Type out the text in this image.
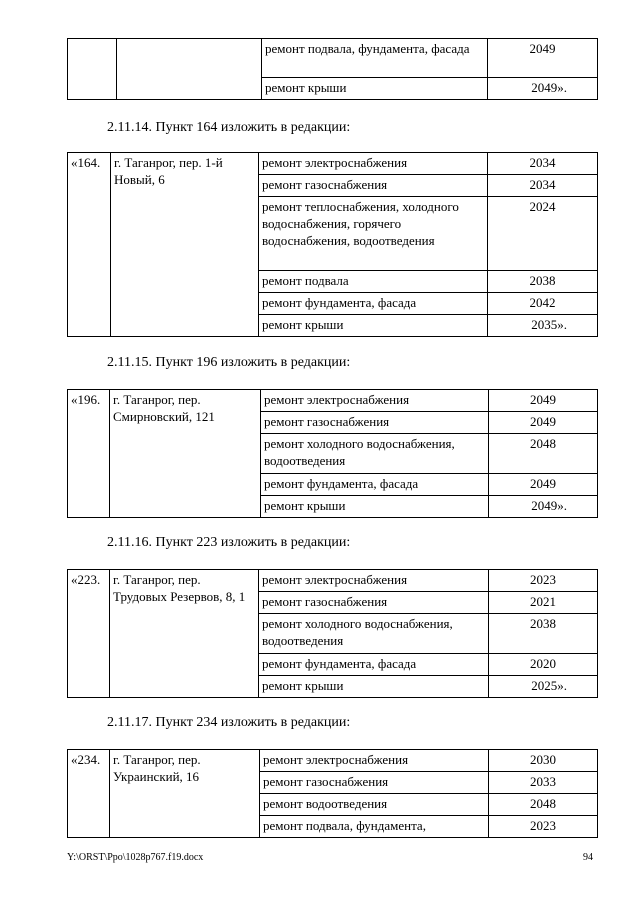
		ремонт подвала, фундамента, фасада	2049
		ремонт крыши	2049».
2.11.14. Пункт 164 изложить в редакции:
«164.	г. Таганрог, пер. 1-й Новый, 6	ремонт электроснабжения	2034
		ремонт газоснабжения	2034
		ремонт теплоснабжения, холодного водоснабжения, горячего водоснабжения, водоотведения	2024
		ремонт подвала	2038
		ремонт фундамента, фасада	2042
		ремонт крыши	2035».
2.11.15. Пункт 196 изложить в редакции:
«196.	г. Таганрог, пер. Смирновский, 121	ремонт электроснабжения	2049
		ремонт газоснабжения	2049
		ремонт холодного водоснабжения, водоотведения	2048
		ремонт фундамента, фасада	2049
		ремонт крыши	2049».
2.11.16. Пункт 223 изложить в редакции:
«223.	г. Таганрог, пер. Трудовых Резервов, 8, 1	ремонт электроснабжения	2023
		ремонт газоснабжения	2021
		ремонт холодного водоснабжения, водоотведения	2038
		ремонт фундамента, фасада	2020
		ремонт крыши	2025».
2.11.17. Пункт 234 изложить в редакции:
«234.	г. Таганрог, пер. Украинский, 16	ремонт электроснабжения	2030
		ремонт газоснабжения	2033
		ремонт водоотведения	2048
		ремонт подвала, фундамента,	2023
Y:\ORST\Ppo\1028p767.f19.docx	94
